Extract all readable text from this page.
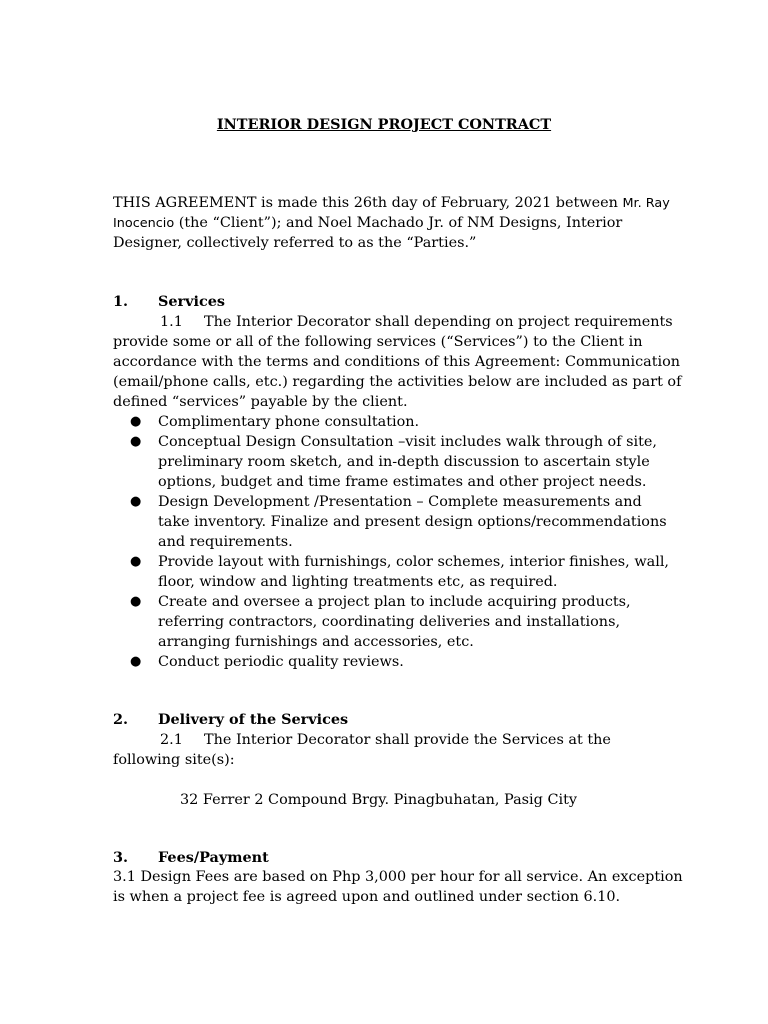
INTERIOR DESIGN PROJECT CONTRACT
THIS AGREEMENT is made this 26th day of February, 2021 between Mr. Ray
Inocencio (the “Client”); and Noel Machado Jr. of NM Designs, Interior
Designer, collectively referred to as the “Parties.”
1. Services
1.1 The Interior Decorator shall depending on project requirements
provide some or all of the following services (“Services”) to the Client in
accordance with the terms and conditions of this Agreement: Communication
(email/phone calls, etc.) regarding the activities below are included as part of
defined “services” payable by the client.
● Complimentary phone consultation.
● Conceptual Design Consultation –visit includes walk through of site,
preliminary room sketch, and in-depth discussion to ascertain style
options, budget and time frame estimates and other project needs.
● Design Development /Presentation – Complete measurements and
take inventory. Finalize and present design options/recommendations
and requirements.
● Provide layout with furnishings, color schemes, interior finishes, wall,
floor, window and lighting treatments etc, as required.
● Create and oversee a project plan to include acquiring products,
referring contractors, coordinating deliveries and installations,
arranging furnishings and accessories, etc.
● Conduct periodic quality reviews.
2. Delivery of the Services
2.1 The Interior Decorator shall provide the Services at the
following site(s):
32 Ferrer 2 Compound Brgy. Pinagbuhatan, Pasig City
3. Fees/Payment
3.1 Design Fees are based on Php 3,000 per hour for all service. An exception
is when a project fee is agreed upon and outlined under section 6.10.
